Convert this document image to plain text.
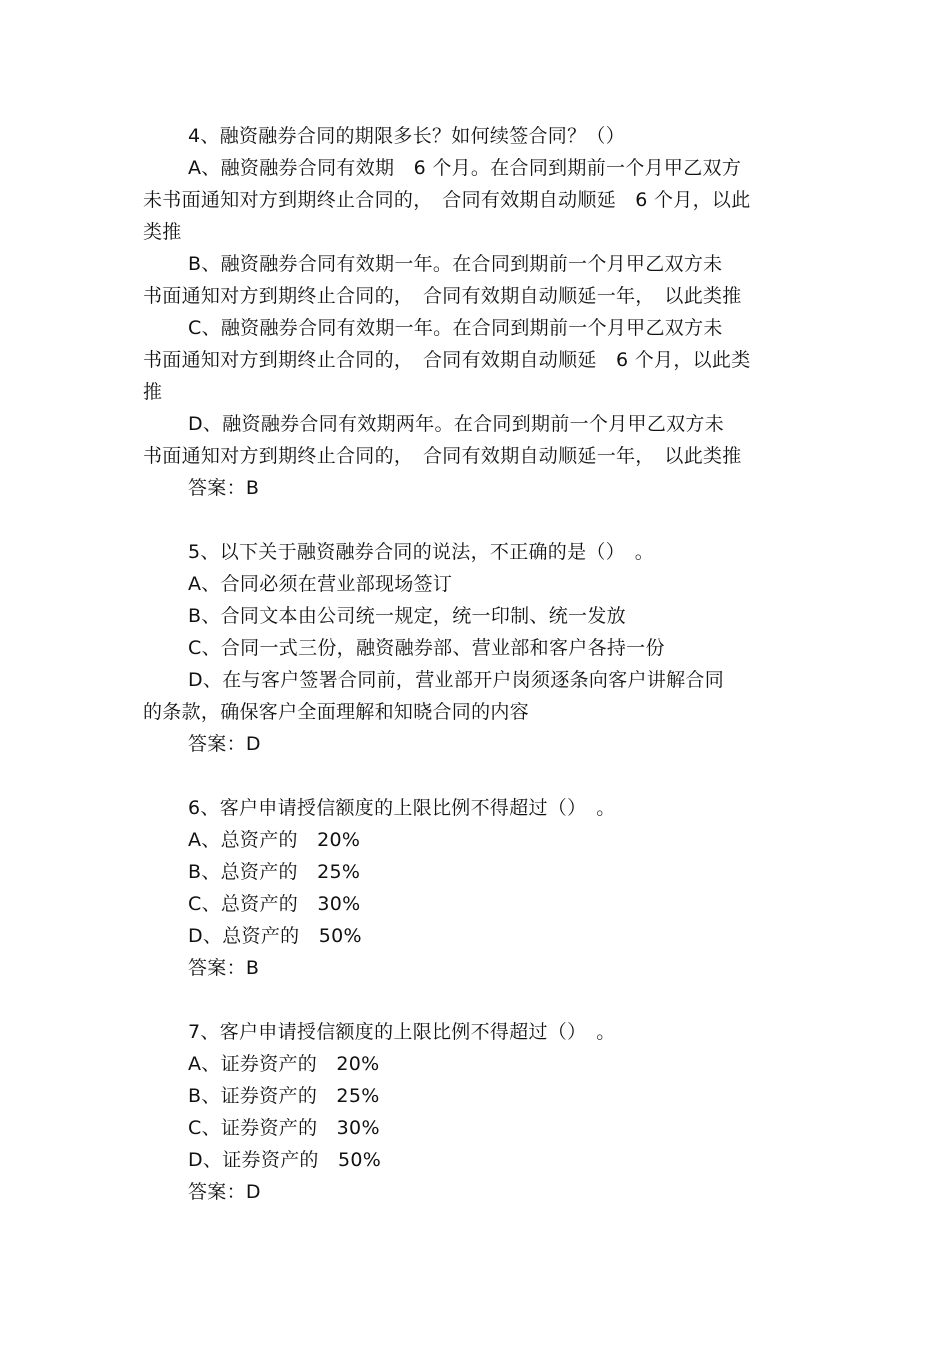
4、融资融券合同的期限多长？如何续签合同？（）
A、融资融券合同有效期　6 个月。在合同到期前一个月甲乙双方
未书面通知对方到期终止合同的，　合同有效期自动顺延　6 个月，以此
类推
B、融资融券合同有效期一年。在合同到期前一个月甲乙双方未
书面通知对方到期终止合同的，　合同有效期自动顺延一年，　以此类推
C、融资融券合同有效期一年。在合同到期前一个月甲乙双方未
书面通知对方到期终止合同的，　合同有效期自动顺延　6 个月，以此类
推
D、融资融券合同有效期两年。在合同到期前一个月甲乙双方未
书面通知对方到期终止合同的，　合同有效期自动顺延一年，　以此类推
答案：B
5、以下关于融资融券合同的说法，不正确的是（）　。
A、合同必须在营业部现场签订
B、合同文本由公司统一规定，统一印制、统一发放
C、合同一式三份，融资融券部、营业部和客户各持一份
D、在与客户签署合同前，营业部开户岗须逐条向客户讲解合同
的条款，确保客户全面理解和知晓合同的内容
答案：D
6、客户申请授信额度的上限比例不得超过（）　。
A、总资产的　20%
B、总资产的　25%
C、总资产的　30%
D、总资产的　50%
答案：B
7、客户申请授信额度的上限比例不得超过（）　。
A、证券资产的　20%
B、证券资产的　25%
C、证券资产的　30%
D、证券资产的　50%
答案：D
